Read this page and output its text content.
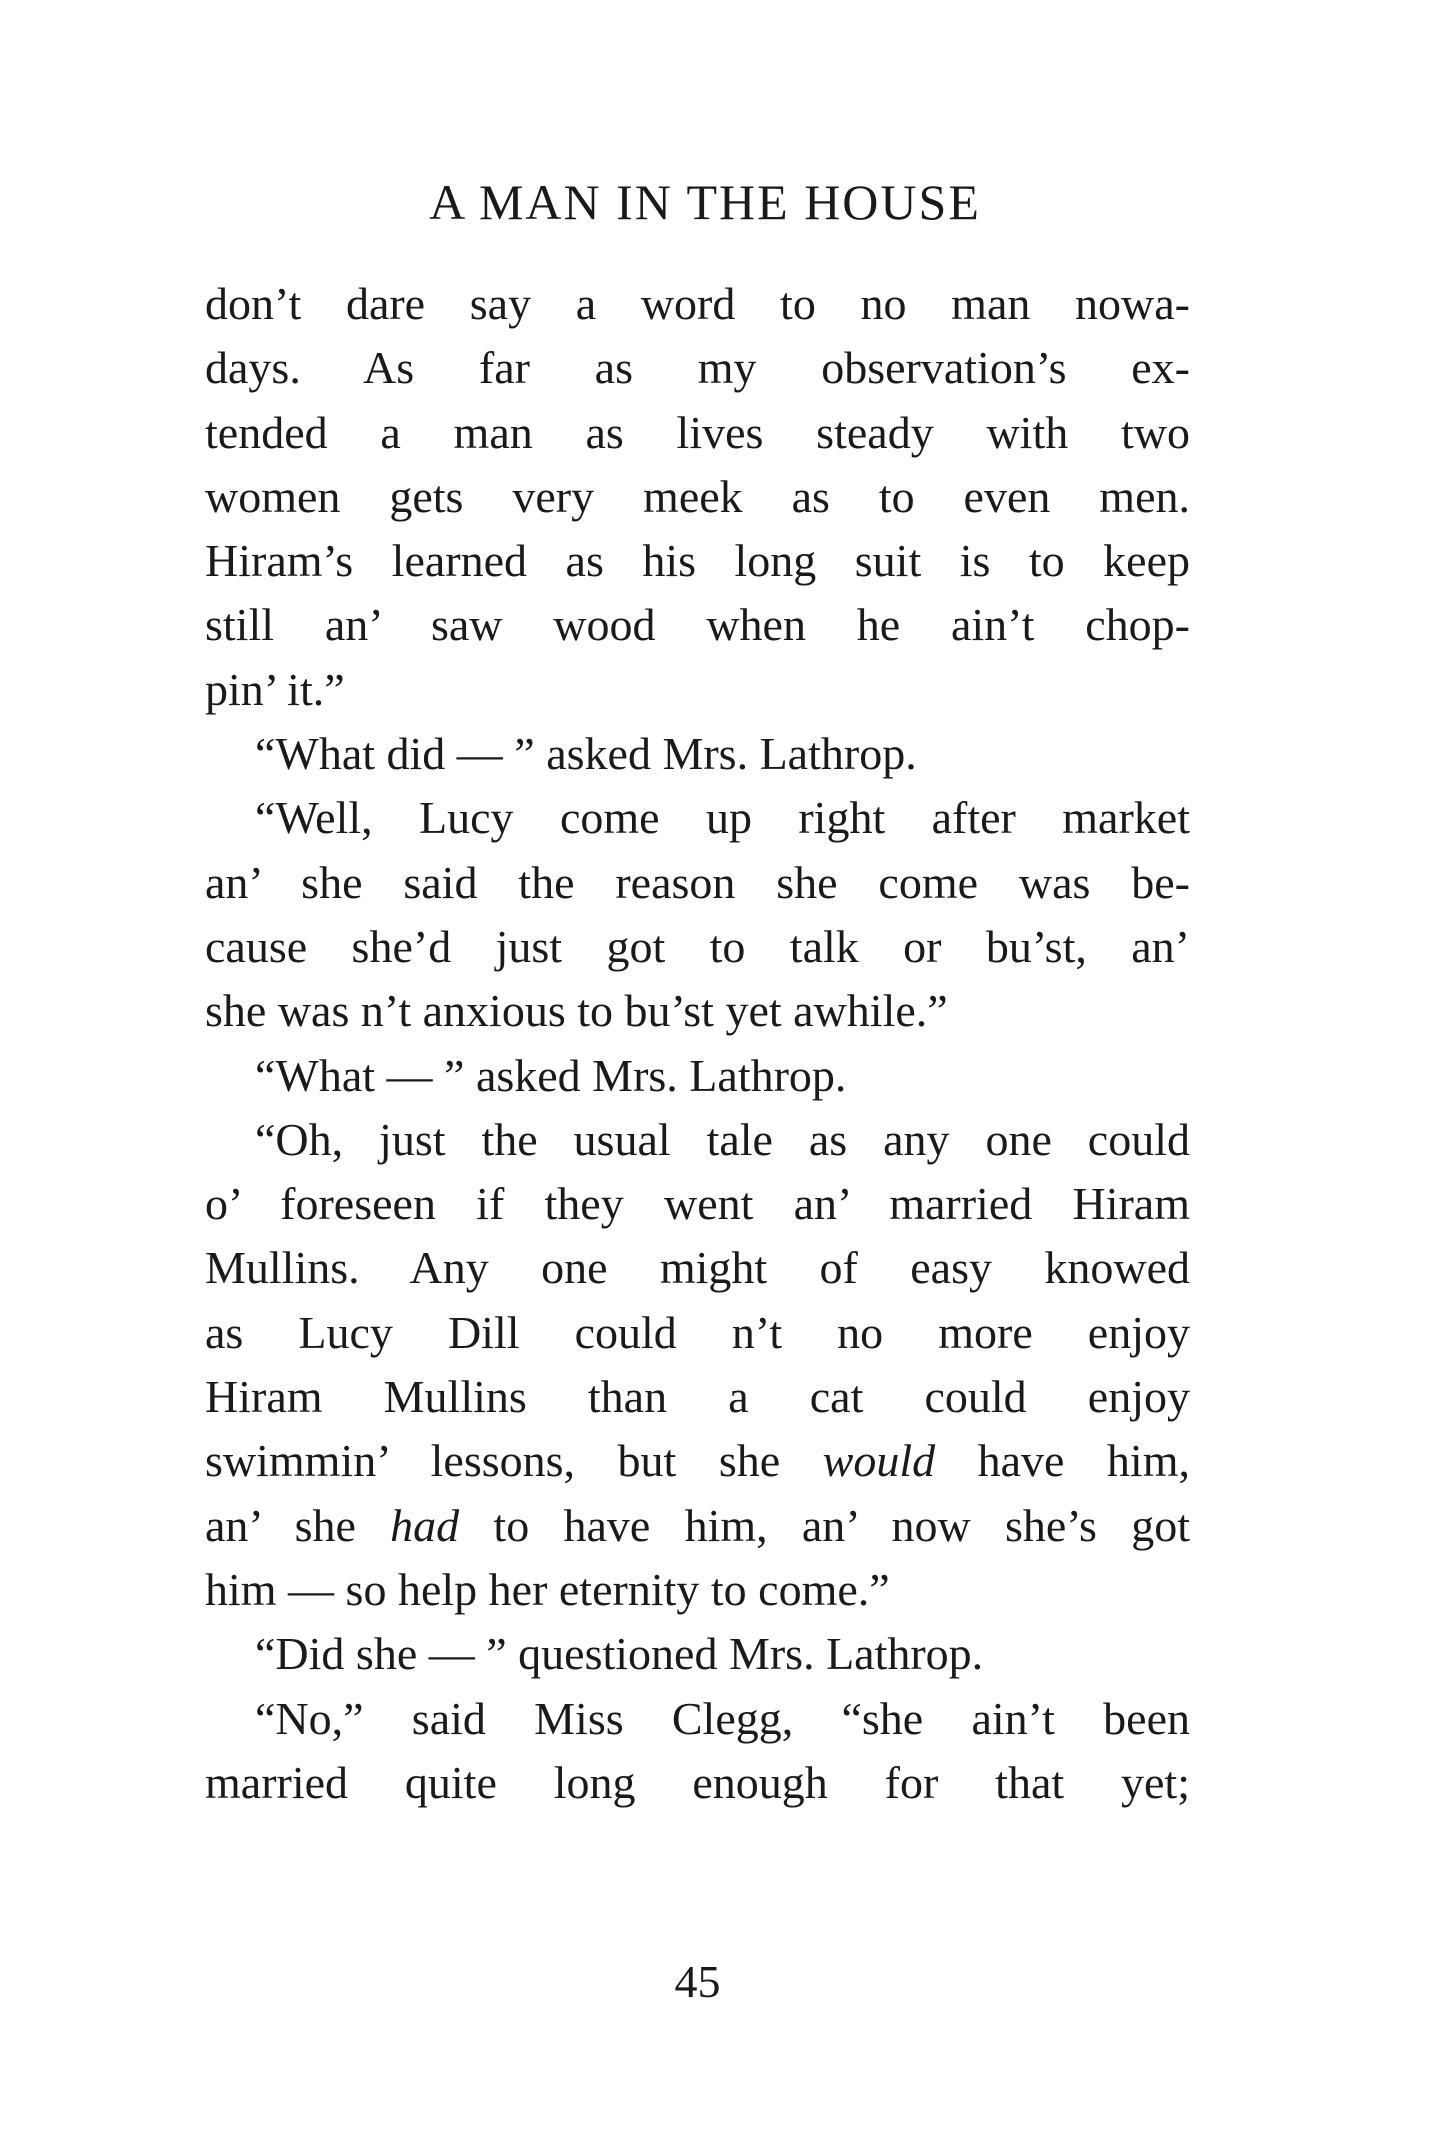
A MAN IN THE HOUSE
don’t dare say a word to no man nowa-
days. As far as my observation’s ex-
tended a man as lives steady with two
women gets very meek as to even men.
Hiram’s learned as his long suit is to keep
still an’ saw wood when he ain’t chop-
pin’ it.”
“What did — ” asked Mrs. Lathrop.
“Well, Lucy come up right after market
an’ she said the reason she come was be-
cause she’d just got to talk or bu’st, an’
she was n’t anxious to bu’st yet awhile.”
“What — ” asked Mrs. Lathrop.
“Oh, just the usual tale as any one could
o’ foreseen if they went an’ married Hiram
Mullins. Any one might of easy knowed
as Lucy Dill could n’t no more enjoy
Hiram Mullins than a cat could enjoy
swimmin’ lessons, but she would have him,
an’ she had to have him, an’ now she’s got
him — so help her eternity to come.”
“Did she — ” questioned Mrs. Lathrop.
“No,” said Miss Clegg, “she ain’t been
married quite long enough for that yet;
45
